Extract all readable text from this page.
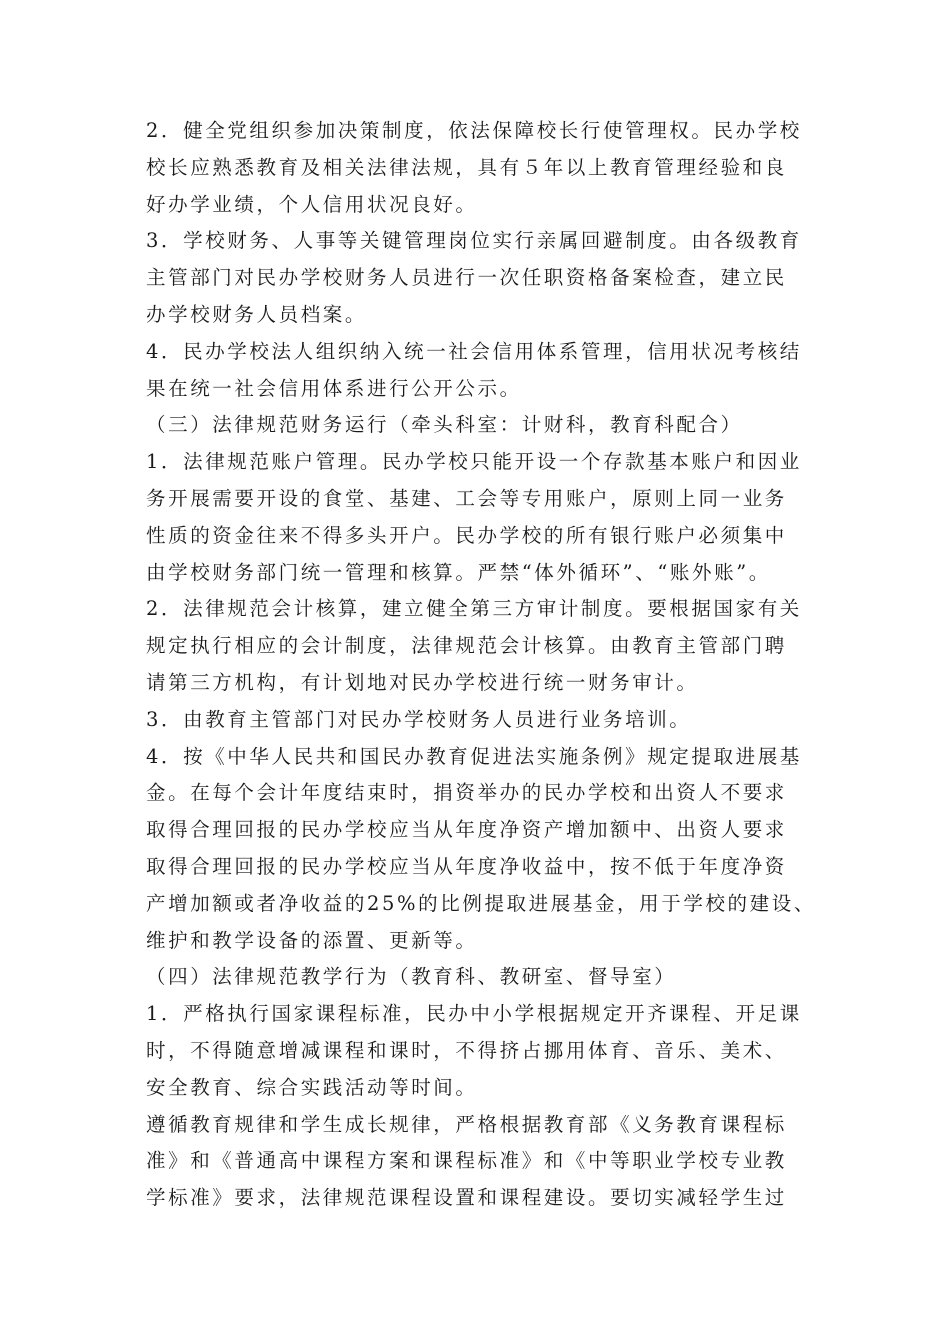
2．健全党组织参加决策制度，依法保障校长行使管理权。民办学校
校长应熟悉教育及相关法律法规，具有５年以上教育管理经验和良
好办学业绩，个人信用状况良好。
3．学校财务、人事等关键管理岗位实行亲属回避制度。由各级教育
主管部门对民办学校财务人员进行一次任职资格备案检查，建立民
办学校财务人员档案。
4．民办学校法人组织纳入统一社会信用体系管理，信用状况考核结
果在统一社会信用体系进行公开公示。
（三）法律规范财务运行（牵头科室：计财科，教育科配合）
1．法律规范账户管理。民办学校只能开设一个存款基本账户和因业
务开展需要开设的食堂、基建、工会等专用账户，原则上同一业务
性质的资金往来不得多头开户。民办学校的所有银行账户必须集中
由学校财务部门统一管理和核算。严禁“体外循环”、“账外账”。
2．法律规范会计核算，建立健全第三方审计制度。要根据国家有关
规定执行相应的会计制度，法律规范会计核算。由教育主管部门聘
请第三方机构，有计划地对民办学校进行统一财务审计。
3．由教育主管部门对民办学校财务人员进行业务培训。
4．按《中华人民共和国民办教育促进法实施条例》规定提取进展基
金。在每个会计年度结束时，捐资举办的民办学校和出资人不要求
取得合理回报的民办学校应当从年度净资产增加额中、出资人要求
取得合理回报的民办学校应当从年度净收益中，按不低于年度净资
产增加额或者净收益的25%的比例提取进展基金，用于学校的建设、
维护和教学设备的添置、更新等。
（四）法律规范教学行为（教育科、教研室、督导室）
1．严格执行国家课程标准，民办中小学根据规定开齐课程、开足课
时，不得随意增减课程和课时，不得挤占挪用体育、音乐、美术、
安全教育、综合实践活动等时间。
遵循教育规律和学生成长规律，严格根据教育部《义务教育课程标
准》和《普通高中课程方案和课程标准》和《中等职业学校专业教
学标准》要求，法律规范课程设置和课程建设。要切实减轻学生过
